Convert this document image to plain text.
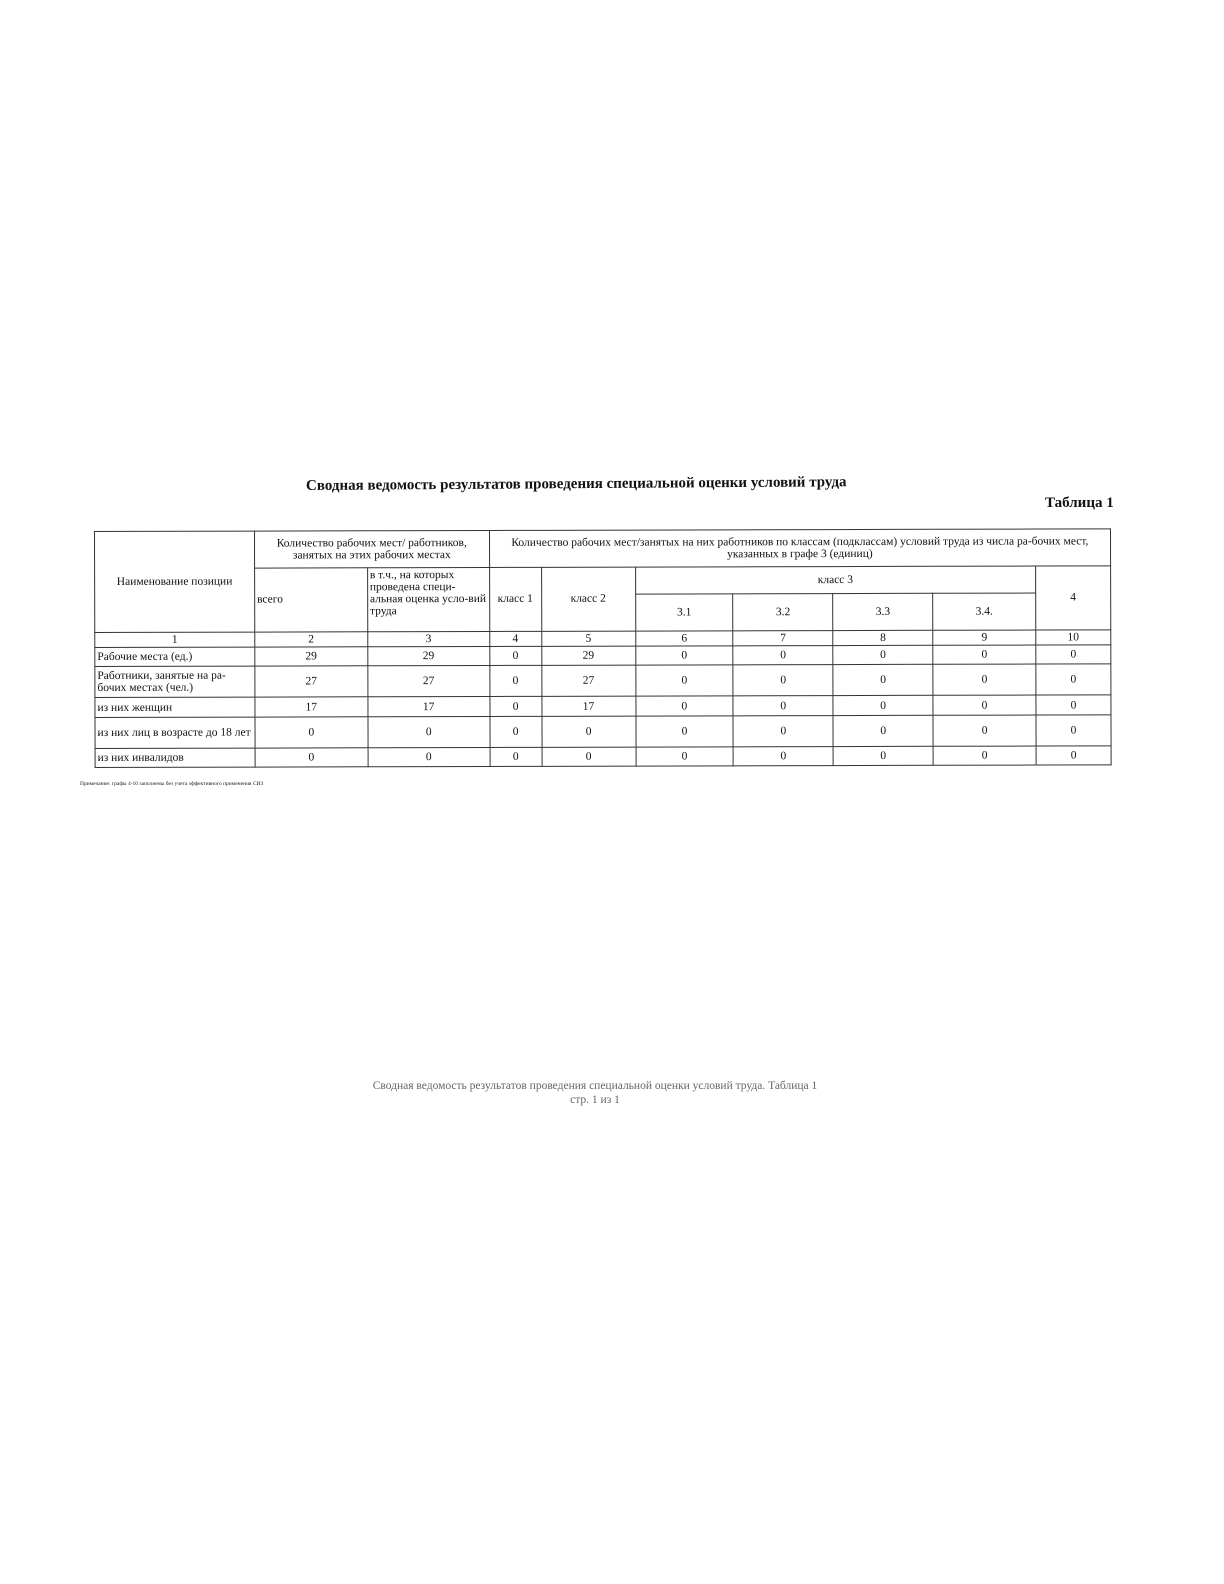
Сводная ведомость результатов проведения специальной оценки условий труда
Таблица 1
Наименование позиции	Количество рабочих мест/ работников, занятых на этих рабочих местах		Количество рабочих мест/занятых на них работников по классам (подклассам) условий труда из числа ра-бочих мест, указанных в графе 3 (единиц)						
	всего	в т.ч., на которых проведена специ-альная оценка усло-вий труда	класс 1	класс 2	класс 3				4
					3.1	3.2	3.3	3.4.	
1	2	3	4	5	6	7	8	9	10
Рабочие места (ед.)	29	29	0	29	0	0	0	0	0
Работники, занятые на ра-бочих местах (чел.)	27	27	0	27	0	0	0	0	0
из них женщин	17	17	0	17	0	0	0	0	0
из них лиц в возрасте до 18 лет	0	0	0	0	0	0	0	0	0
из них инвалидов	0	0	0	0	0	0	0	0	0
Примечание: графы 4-10 заполнены без учета эффективного применения СИЗ
Сводная ведомость результатов проведения специальной оценки условий труда. Таблица 1
стр. 1 из 1
